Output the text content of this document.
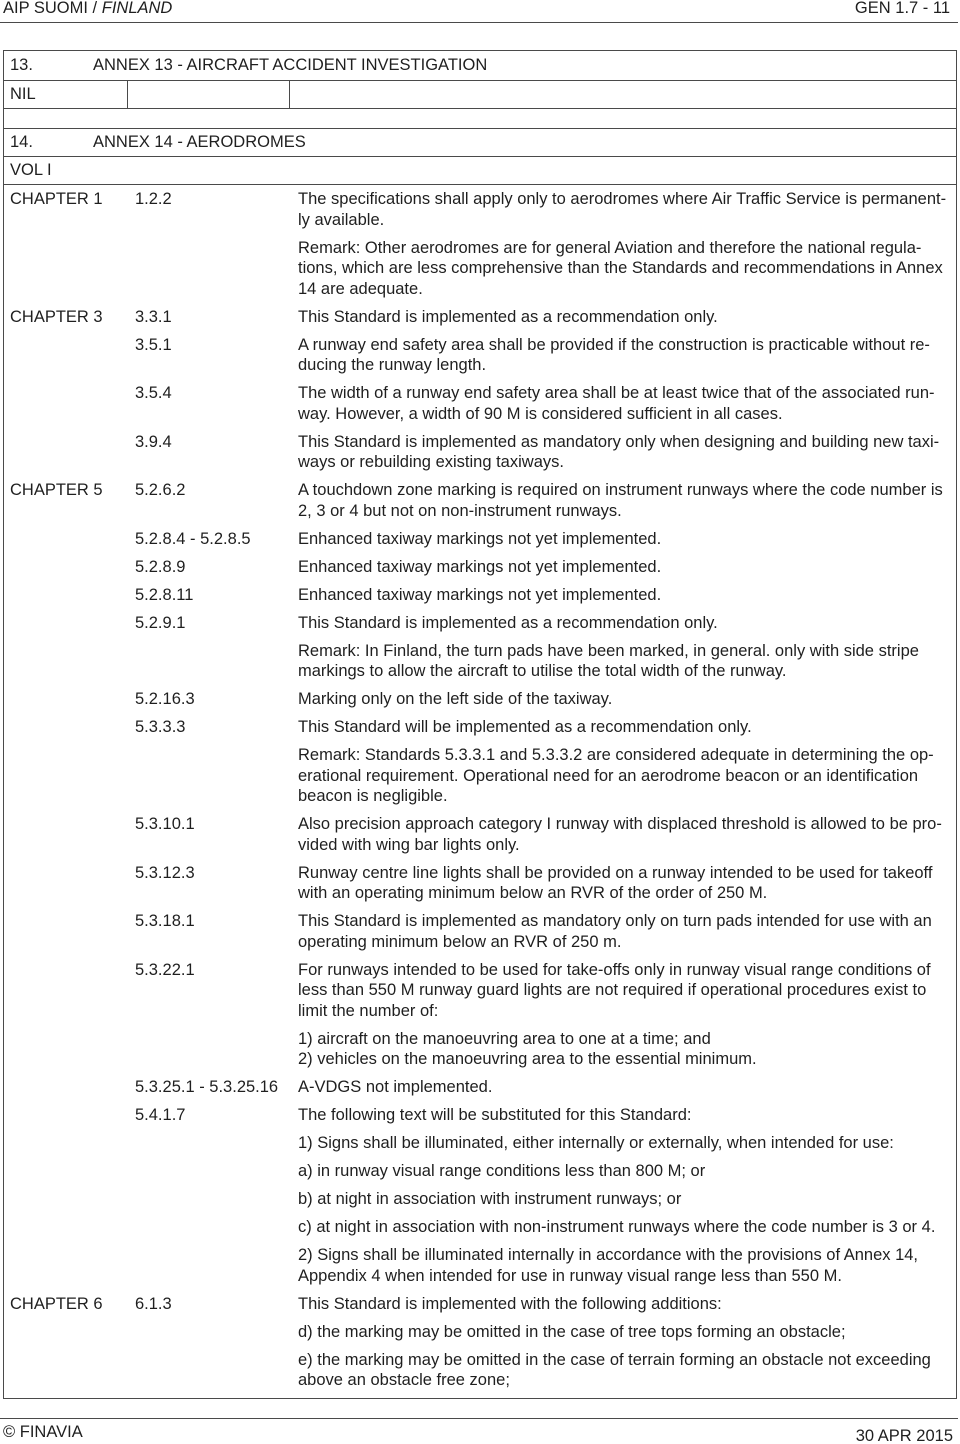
AIP SUOMI / FINLAND	GEN 1.7 - 11
13.	ANNEX 13 - AIRCRAFT ACCIDENT INVESTIGATION
NIL
14.	ANNEX 14 - AERODROMES
VOL I
CHAPTER 1	1.2.2	The specifications shall apply only to aerodromes where Air Traffic Service is permanent-
ly available.
Remark: Other aerodromes are for general Aviation and therefore the national regula-
tions, which are less comprehensive than the Standards and recommendations in Annex
14 are adequate.
CHAPTER 3	3.3.1	This Standard is implemented as a recommendation only.
3.5.1	A runway end safety area shall be provided if the construction is practicable without re-
ducing the runway length.
3.5.4	The width of a runway end safety area shall be at least twice that of the associated run-
way. However, a width of 90 M is considered sufficient in all cases.
3.9.4	This Standard is implemented as mandatory only when designing and building new taxi-
ways or rebuilding existing taxiways.
CHAPTER 5	5.2.6.2	A touchdown zone marking is required on instrument runways where the code number is
2, 3 or 4 but not on non-instrument runways.
5.2.8.4 - 5.2.8.5	Enhanced taxiway markings not yet implemented.
5.2.8.9	Enhanced taxiway markings not yet implemented.
5.2.8.11	Enhanced taxiway markings not yet implemented.
5.2.9.1	This Standard is implemented as a recommendation only.
Remark: In Finland, the turn pads have been marked, in general. only with side stripe
markings to allow the aircraft to utilise the total width of the runway.
5.2.16.3	Marking only on the left side of the taxiway.
5.3.3.3	This Standard will be implemented as a recommendation only.
Remark: Standards 5.3.3.1 and 5.3.3.2 are considered adequate in determining the op-
erational requirement. Operational need for an aerodrome beacon or an identification
beacon is negligible.
5.3.10.1	Also precision approach category I runway with displaced threshold is allowed to be pro-
vided with wing bar lights only.
5.3.12.3	Runway centre line lights shall be provided on a runway intended to be used for takeoff
with an operating minimum below an RVR of the order of 250 M.
5.3.18.1	This Standard is implemented as mandatory only on turn pads intended for use with an
operating minimum below an RVR of 250 m.
5.3.22.1	For runways intended to be used for take-offs only in runway visual range conditions of
less than 550 M runway guard lights are not required if operational procedures exist to
limit the number of:
1) aircraft on the manoeuvring area to one at a time; and
2) vehicles on the manoeuvring area to the essential minimum.
5.3.25.1 - 5.3.25.16	A-VDGS not implemented.
5.4.1.7	The following text will be substituted for this Standard:
1) Signs shall be illuminated, either internally or externally, when intended for use:
a) in runway visual range conditions less than 800 M; or
b) at night in association with instrument runways; or
c) at night in association with non-instrument runways where the code number is 3 or 4.
2) Signs shall be illuminated internally in accordance with the provisions of Annex 14,
Appendix 4 when intended for use in runway visual range less than 550 M.
CHAPTER 6	6.1.3	This Standard is implemented with the following additions:
d) the marking may be omitted in the case of tree tops forming an obstacle;
e) the marking may be omitted in the case of terrain forming an obstacle not exceeding
above an obstacle free zone;
© FINAVIA	30 APR 2015
